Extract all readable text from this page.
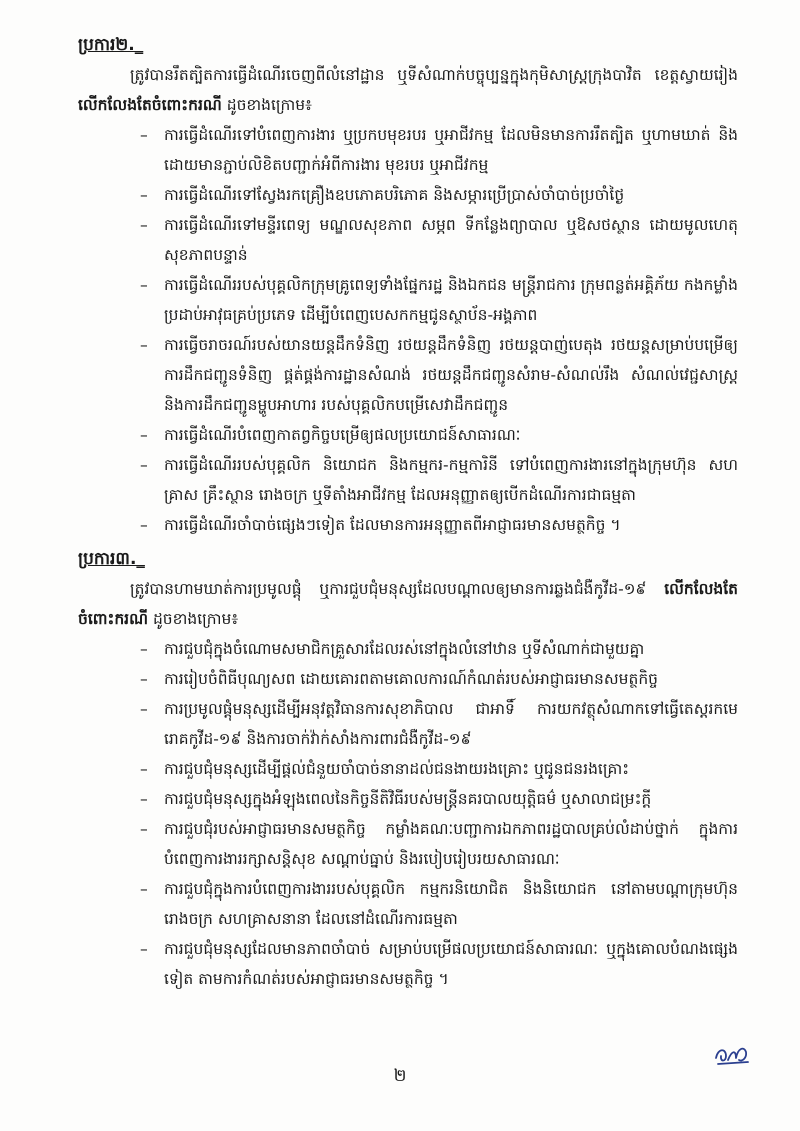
ប្រការ២._

ត្រូវបានរឹតត្បិតការធ្វើដំណើរចេញពីលំនៅដ្ឋាន ឬទីសំណាក់បច្ចុប្បន្នក្នុងកុមិសាស្ត្រក្រុងបាវិត ខេត្តស្វាយរៀង លើកលែងតែចំពោះករណី ដូចខាងក្រោម៖

– ការធ្វើដំណើរទៅបំពេញការងារ ឬប្រកបមុខរបរ ឬអាជីវកម្ម ដែលមិនមានការរឹតត្បិត ឬហាមឃាត់ និងដោយមានភ្ជាប់លិខិតបញ្ជាក់អំពីការងារ មុខរបរ ឬអាជីវកម្ម
– ការធ្វើដំណើរទៅស្វែងរកគ្រឿងឧបភោគបរិភោគ និងសម្ភារប្រើប្រាស់ចាំបាច់ប្រចាំថ្ងៃ
– ការធ្វើដំណើរទៅមន្ទីរពេទ្យ មណ្ឌលសុខភាព សម្ភព ទីកន្លែងព្យាបាល ឬឱសថស្ថាន ដោយមូលហេតុសុខភាពបន្ទាន់
– ការធ្វើដំណើររបស់បុគ្គលិកក្រុមគ្រូពេទ្យទាំងផ្នែករដ្ឋ និងឯកជន មន្ត្រីរាជការ ក្រុមពន្លត់អគ្គិភ័យ កងកម្លាំងប្រដាប់អាវុធគ្រប់ប្រភេទ ដើម្បីបំពេញបេសកកម្មជូនស្ថាប័ន-អង្គភាព
– ការធ្វើចរាចរណ៍របស់យានយន្តដឹកទំនិញ រថយន្តដឹកទំនិញ រថយន្តបាញ់បេតុង រថយន្តសម្រាប់បម្រើឲ្យការដឹកជញ្ជូនទំនិញ ផ្គត់ផ្គង់ការដ្ឋានសំណង់ រថយន្តដឹកជញ្ជូនសំរាម-សំណល់រឹង សំណល់វេជ្ជសាស្ត្រ និងការដឹកជញ្ជូនម្ហូបអាហារ របស់បុគ្គលិកបម្រើសេវាដឹកជញ្ជូន
– ការធ្វើដំណើរបំពេញកាតព្វកិច្ចបម្រើឲ្យផលប្រយោជន៍សាធារណៈ
– ការធ្វើដំណើររបស់បុគ្គលិក និយោជក និងកម្មករ-កម្មការិនី ទៅបំពេញការងារនៅក្នុងក្រុមហ៊ុន សហគ្រាស គ្រឹះស្ថាន រោងចក្រ ឬទីតាំងអាជីវកម្ម ដែលអនុញ្ញាតឲ្យបើកដំណើរការជាធម្មតា
– ការធ្វើដំណើរចាំបាច់ផ្សេងៗទៀត ដែលមានការអនុញ្ញាតពីអាជ្ញាធរមានសមត្ថកិច្ច ។

ប្រការ៣._

ត្រូវបានហាមឃាត់ការប្រមូលផ្តុំ ឬការជួបជុំមនុស្សដែលបណ្តាលឲ្យមានការឆ្លងជំងឺកូវីដ-១៩ លើកលែងតែចំពោះករណី ដូចខាងក្រោម៖

– ការជួបជុំក្នុងចំណោមសមាជិកគ្រួសារដែលរស់នៅក្នុងលំនៅឋាន ឬទីសំណាក់ជាមួយគ្នា
– ការរៀបចំពិធីបុណ្យសព ដោយគោរពតាមគោលការណ៍កំណត់របស់អាជ្ញាធរមានសមត្ថកិច្ច
– ការប្រមូលផ្តុំមនុស្សដើម្បីអនុវត្តវិធានការសុខាភិបាល ជាអាទិ៍ ការយកវត្ថុសំណាកទៅធ្វើតេស្តរកមេរោគកូវីដ-១៩ និងការចាក់វ៉ាក់សាំងការពារជំងឺកូវីដ-១៩
– ការជួបជុំមនុស្សដើម្បីផ្តល់ជំនួយចាំបាច់នានាដល់ជនងាយរងគ្រោះ ឬជូនជនរងគ្រោះ
– ការជួបជុំមនុស្សក្នុងអំឡុងពេលនៃកិច្ចនីតិវិធីរបស់មន្ត្រីនគរបាលយុត្តិធម៌ ឬសាលាជម្រះក្តី
– ការជួបជុំរបស់អាជ្ញាធរមានសមត្ថកិច្ច កម្លាំងគណៈបញ្ជាការឯកភាពរដ្ឋបាលគ្រប់លំដាប់ថ្នាក់ ក្នុងការបំពេញការងាររក្សាសន្តិសុខ សណ្តាប់ធ្នាប់ និងរបៀបរៀបរយសាធារណៈ
– ការជួបជុំក្នុងការបំពេញការងាររបស់បុគ្គលិក កម្មករនិយោជិត និងនិយោជក នៅតាមបណ្តាក្រុមហ៊ុន រោងចក្រ សហគ្រាសនានា ដែលនៅដំណើរការធម្មតា
– ការជួបជុំមនុស្សដែលមានភាពចាំបាច់ សម្រាប់បម្រើផលប្រយោជន៍សាធារណៈ ឬក្នុងគោលបំណងផ្សេងទៀត តាមការកំណត់របស់អាជ្ញាធរមានសមត្ថកិច្ច ។
២
